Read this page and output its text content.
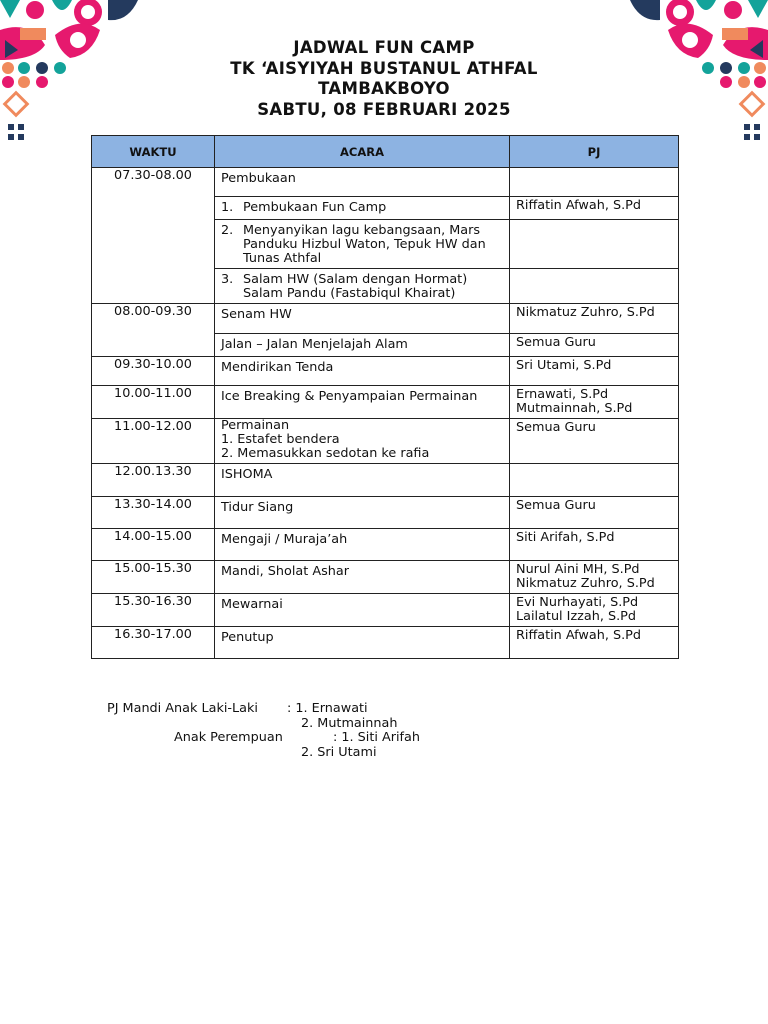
JADWAL FUN CAMP
TK ‘AISYIYAH BUSTANUL ATHFAL
TAMBAKBOYO
SABTU, 08 FEBRUARI 2025
WAKTU	ACARA	PJ
07.30-08.00	Pembukaan	

	1. Pembukaan Fun Camp	Riffatin Afwah, S.Pd

	2. Menyanyikan lagu kebangsaan, Mars Panduku Hizbul Waton, Tepuk HW dan Tunas Athfal	

	3. Salam HW (Salam dengan Hormat) Salam Pandu (Fastabiqul Khairat)	

08.00-09.30	Senam HW	Nikmatuz Zuhro, S.Pd
	Jalan – Jalan Menjelajah Alam	Semua Guru
09.30-10.00	Mendirikan Tenda	Sri Utami, S.Pd
10.00-11.00	Ice Breaking & Penyampaian Permainan	Ernawati, S.Pd
Mutmainnah, S.Pd

11.00-12.00	Permainan
1. Estafet bendera
2. Memasukkan sedotan ke rafia	Semua Guru
12.00.13.30	ISHOMA	
13.30-14.00	Tidur Siang	Semua Guru
14.00-15.00	Mengaji / Muraja’ah	Siti Arifah, S.Pd
15.00-15.30	Mandi, Sholat Ashar	Nurul Aini MH, S.Pd
Nikmatuz Zuhro, S.Pd

15.30-16.30	Mewarnai	Evi Nurhayati, S.Pd
Lailatul Izzah, S.Pd

16.30-17.00	Penutup	Riffatin Afwah, S.Pd
PJ Mandi Anak Laki-Laki : 1. Ernawati
2. Mutmainnah
Anak Perempuan	: 1. Siti Arifah
2. Sri Utami
